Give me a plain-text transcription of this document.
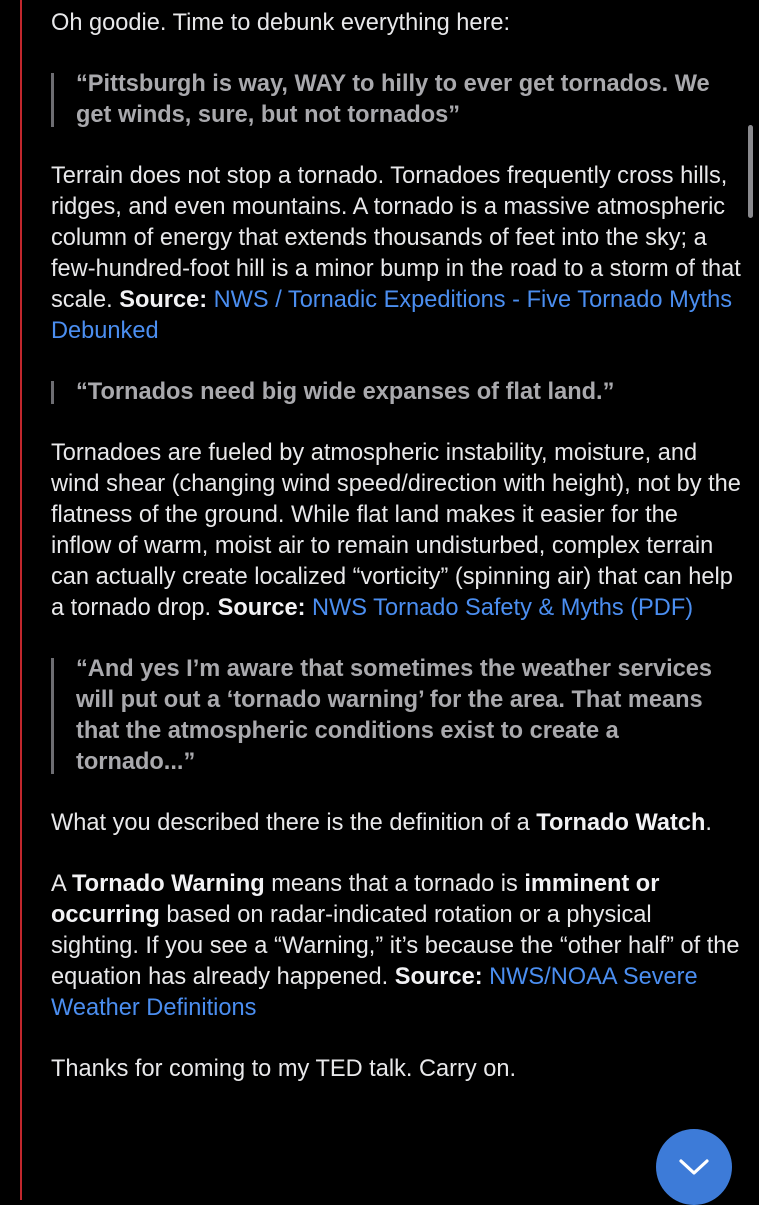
Oh goodie. Time to debunk everything here:

“Pittsburgh is way, WAY to hilly to ever get tornados. We get winds, sure, but not tornados”

Terrain does not stop a tornado. Tornadoes frequently cross hills, ridges, and even mountains. A tornado is a massive atmospheric column of energy that extends thousands of feet into the sky; a few-hundred-foot hill is a minor bump in the road to a storm of that scale. Source: NWS / Tornadic Expeditions - Five Tornado Myths Debunked

“Tornados need big wide expanses of flat land.”

Tornadoes are fueled by atmospheric instability, moisture, and wind shear (changing wind speed/direction with height), not by the flatness of the ground. While flat land makes it easier for the inflow of warm, moist air to remain undisturbed, complex terrain can actually create localized “vorticity” (spinning air) that can help a tornado drop. Source: NWS Tornado Safety & Myths (PDF)

“And yes I’m aware that sometimes the weather services will put out a ‘tornado warning’ for the area. That means that the atmospheric conditions exist to create a tornado...”

What you described there is the definition of a Tornado Watch.

A Tornado Warning means that a tornado is imminent or occurring based on radar-indicated rotation or a physical sighting. If you see a “Warning,” it’s because the “other half” of the equation has already happened. Source: NWS/NOAA Severe Weather Definitions

Thanks for coming to my TED talk. Carry on.
